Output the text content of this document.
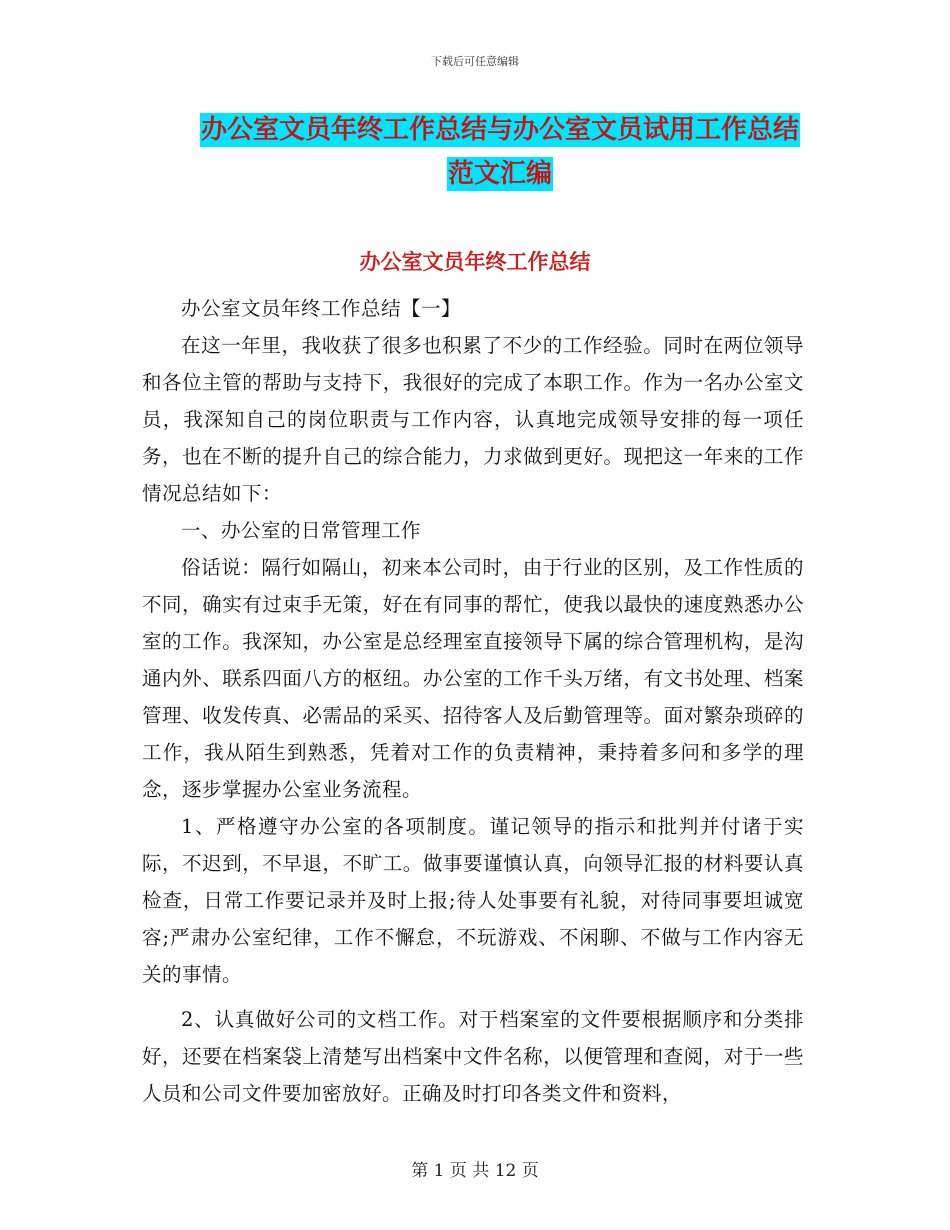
下载后可任意编辑
办公室文员年终工作总结与办公室文员试用工作总结
范文汇编
办公室文员年终工作总结

办公室文员年终工作总结【一】

在这一年里，我收获了很多也积累了不少的工作经验。同时在两位领导和各位主管的帮助与支持下，我很好的完成了本职工作。作为一名办公室文员，我深知自己的岗位职责与工作内容，认真地完成领导安排的每一项任务，也在不断的提升自己的综合能力，力求做到更好。现把这一年来的工作情况总结如下：

一、办公室的日常管理工作

俗话说：隔行如隔山，初来本公司时，由于行业的区别，及工作性质的不同，确实有过束手无策，好在有同事的帮忙，使我以最快的速度熟悉办公室的工作。我深知，办公室是总经理室直接领导下属的综合管理机构，是沟通内外、联系四面八方的枢纽。办公室的工作千头万绪，有文书处理、档案管理、收发传真、必需品的采买、招待客人及后勤管理等。面对繁杂琐碎的工作，我从陌生到熟悉，凭着对工作的负责精神，秉持着多问和多学的理念，逐步掌握办公室业务流程。

1、严格遵守办公室的各项制度。谨记领导的指示和批判并付诸于实际，不迟到，不早退，不旷工。做事要谨慎认真，向领导汇报的材料要认真检查，日常工作要记录并及时上报;待人处事要有礼貌，对待同事要坦诚宽容;严肃办公室纪律，工作不懈怠，不玩游戏、不闲聊、不做与工作内容无关的事情。

2、认真做好公司的文档工作。对于档案室的文件要根据顺序和分类排好，还要在档案袋上清楚写出档案中文件名称，以便管理和查阅，对于一些人员和公司文件要加密放好。正确及时打印各类文件和资料，

第 1 页 共 12 页
